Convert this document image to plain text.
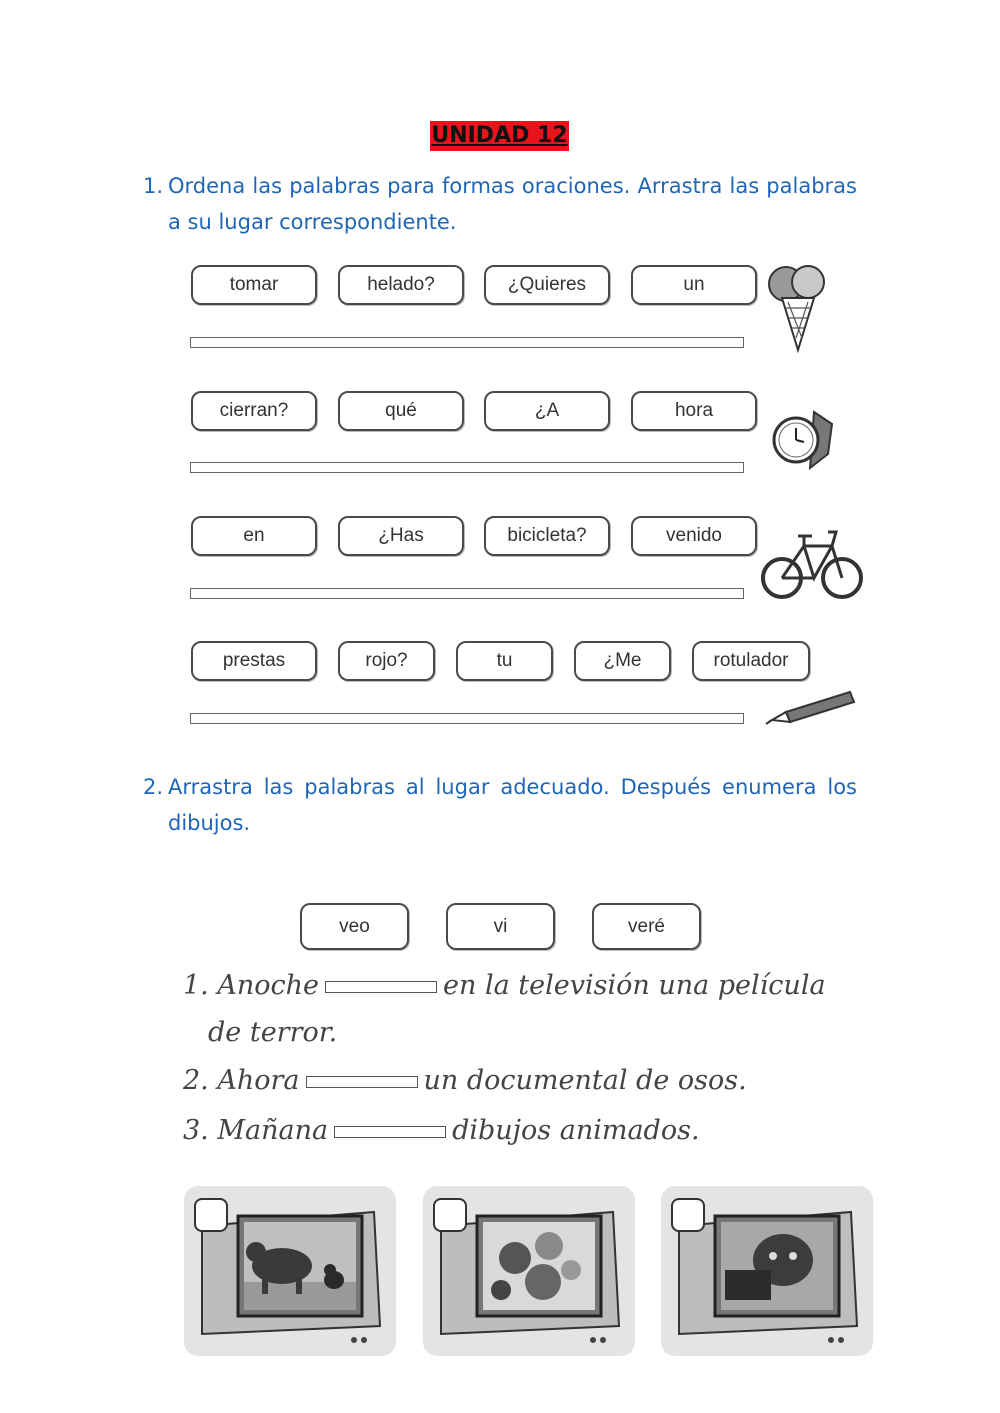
UNIDAD 12
1. Ordena las palabras para formas oraciones. Arrastra las palabras a su lugar correspondiente.
tomar	helado?	¿Quieres	un
cierran?	qué	¿A	hora
en	¿Has	bicicleta?	venido
prestas	rojo?	tu	¿Me	rotulador
2. Arrastra las palabras al lugar adecuado. Después enumera los dibujos.
veo	vi	veré
1. Anoche	en la televisión una película
de terror.
2. Ahora	un documental de osos.
3. Mañana	dibujos animados.
